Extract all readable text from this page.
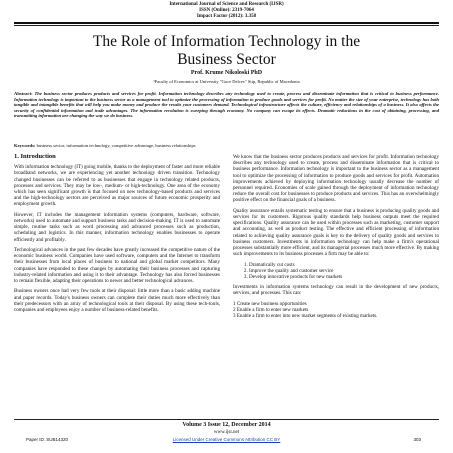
International Journal of Science and Research (IJSR)
ISSN (Online): 2319-7064
Impact Factor (2012): 3.358
The Role of Information Technology in the
Business Sector
Prof. Krume Nikoloski PhD
¹Faculty of Economics at University "Goce Delcev" Stip, Republic of Macedonia
Abstract: The business sector produces products and services for profit. Information technology describes any technology used to create, process and disseminate information that is critical to business performance. Information technology is important to the business sector as a management tool to optimize the processing of information to produce goods and services for profit. No matter the size of your enterprise, technology has both tangible and intangible benefits that will help you make money and produce the results your customers demand. Technological infrastructure affects the culture, efficiency and relationships of a business. It also affects the security of confidential information and trade advantages. The information revolution is sweeping through economy. No company can escape its effects. Dramatic reductions in the cost of obtaining, processing, and transmitting information are changing the way we do business.
Keywords: business sector, information technology, competitive advantage, business relationships
1. Introduction

With information technology (IT) going mobile, thanks to the deployment of faster and more reliable broadband networks, we are experiencing yet another technology driven transition. Technology changed businesses can be referred to as businesses that engage in technology related products, processes and services. They may be low-, medium- or high-technology. One area of the economy which has seen significant growth is that focused on new technology-based products and services and the high-technology sectors are perceived as major sources of future economic prosperity and employment growth.

However, IT includes the management information systems (computers, hardware, software, networks) used to automate and support business tasks and decision-making. IT is used to automate simple, routine tasks such as word processing and advanced processes such as production, scheduling and logistics. In this manner, information technology enables businesses to operate efficiently and profitably.

Technological advances in the past few decades have greatly increased the competitive nature of the economic business world. Companies have used software, computers and the Internet to transform their businesses from local places of business to national and global market competitors. Many companies have responded to these changes by automating their business processes and capturing industry-related information and using it to their advantage. Technology has also forced businesses to remain flexible, adapting their operations to newer and better technological advances.

Business owners once had very few tools at their disposal: little more than a basic adding machine and paper records. Today's business owners can complete their duties much more effectively than their predecessors with an array of technological tools at their disposal. By using these tech-tools, companies and employees enjoy a number of business-related benefits.

We know that the business sector produces products and services for profit. Information technology describes any technology used to create, process and disseminate information that is critical to business performance. Information technology is important to the business sector as a management tool to optimize the processing of information to produce goods and services for profit. Automation improvements achieved by deploying information technology usually decrease the number of personnel required. Economies of scale gained through the deployment of information technology reduce the overall cost for businesses to produce products and services. This has an overwhelmingly positive effect on the financial goals of a business.

Quality assurance entails systematic testing to ensure that a business is producing quality goods and services for its customers. Rigorous quality standards help business outputs meet the required specifications. Quality assurance can be used within processes such as marketing, customer support and accounting, as well as product testing. The effective and efficient processing of information related to achieving quality assurance goals is key to the delivery of quality goods and services to business customers. Investments in information technology can help make a firm's operational processes substantially more efficient, and its managerial processes much more effective. By making such improvements to its business processes a firm may be able to:

1. Dramatically cut costs
2. Improve the quality and customer service
3. Develop innovative products for new markets

Investments in information systems technology can result in the development of new products, services, and processes. This can:

1 Create new business opportunities
2 Enable a firm to enter new markets
3 Enable a firm to enter into new market segments of existing markets.
Volume 3 Issue 12, December 2014
www.ijsr.net
Paper ID: SUB14320	Licensed Under Creative Commons Attribution CC BY	303
